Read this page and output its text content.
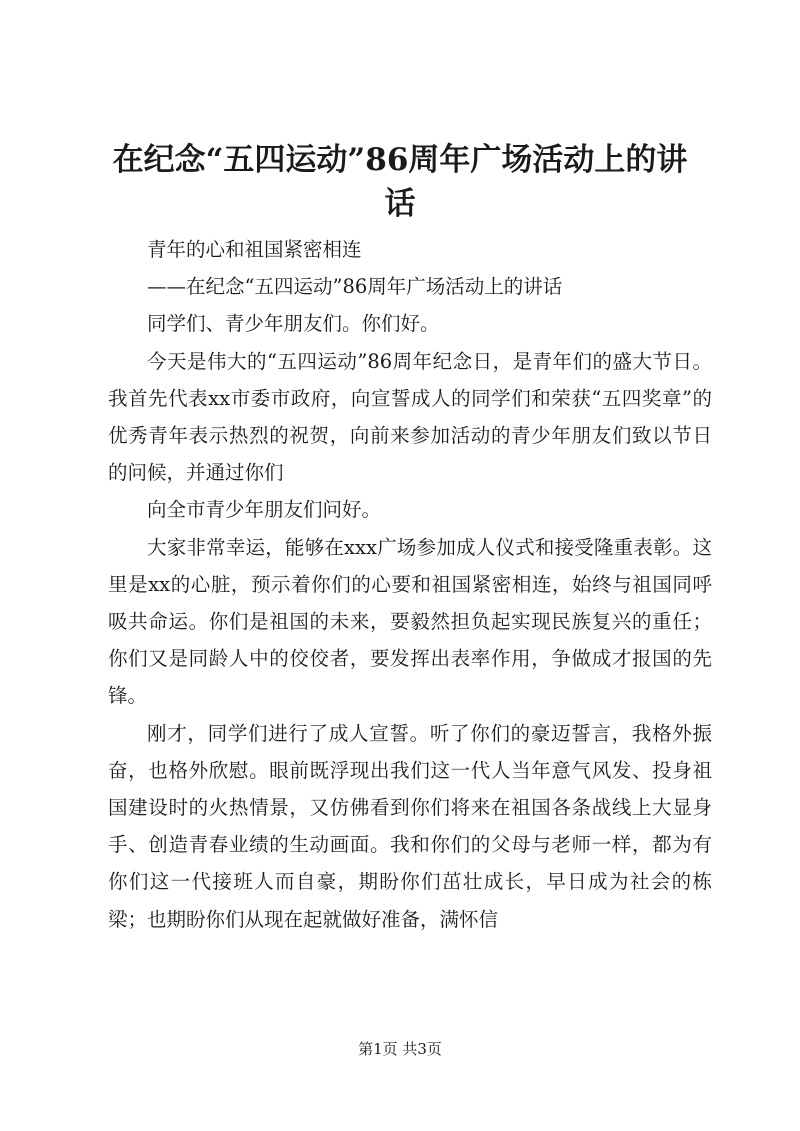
在纪念“五四运动”86周年广场活动上的讲话

青年的心和祖国紧密相连

——在纪念“五四运动”86周年广场活动上的讲话

同学们、青少年朋友们。你们好。

今天是伟大的“五四运动”86周年纪念日，是青年们的盛大节日。我首先代表xx市委市政府，向宣誓成人的同学们和荣获“五四奖章”的优秀青年表示热烈的祝贺，向前来参加活动的青少年朋友们致以节日的问候，并通过你们

向全市青少年朋友们问好。

大家非常幸运，能够在xxx广场参加成人仪式和接受隆重表彰。这里是xx的心脏，预示着你们的心要和祖国紧密相连，始终与祖国同呼吸共命运。你们是祖国的未来，要毅然担负起实现民族复兴的重任；你们又是同龄人中的佼佼者，要发挥出表率作用，争做成才报国的先锋。

刚才，同学们进行了成人宣誓。听了你们的豪迈誓言，我格外振奋，也格外欣慰。眼前既浮现出我们这一代人当年意气风发、投身祖国建设时的火热情景，又仿佛看到你们将来在祖国各条战线上大显身手、创造青春业绩的生动画面。我和你们的父母与老师一样，都为有你们这一代接班人而自豪，期盼你们茁壮成长，早日成为社会的栋梁；也期盼你们从现在起就做好准备，满怀信

第1页 共3页
